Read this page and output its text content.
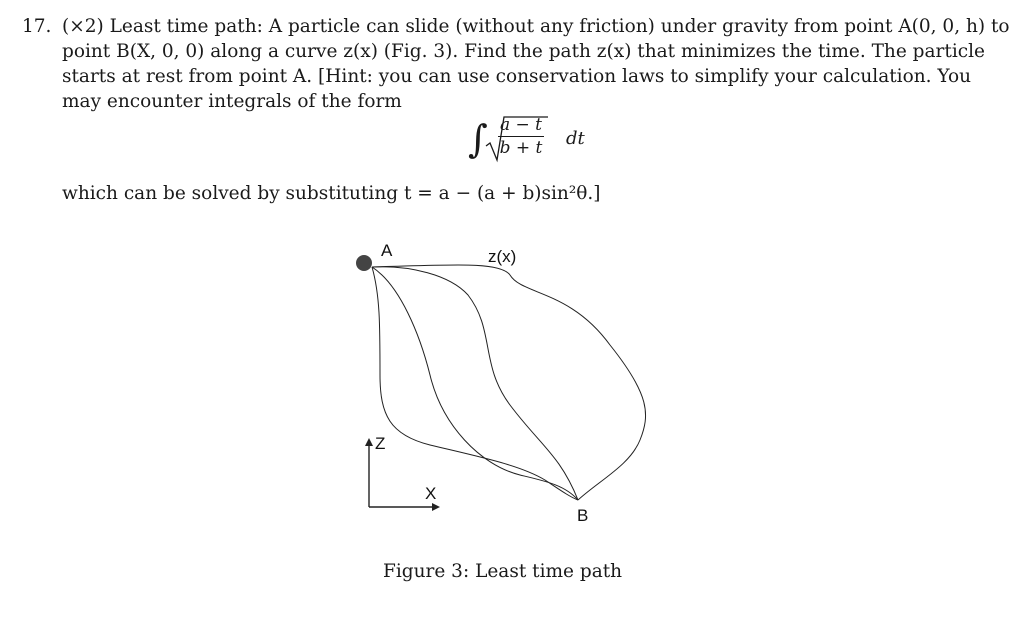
17. (×2) Least time path: A particle can slide (without any friction) under gravity from point A(0, 0, h) to
point B(X, 0, 0) along a curve z(x) (Fig. 3). Find the path z(x) that minimizes the time. The particle
starts at rest from point A. [Hint: you can use conservation laws to simplify your calculation. You
may encounter integrals of the form
∫ $\frac{a - t}{b + t}$ dt
which can be solved by substituting t = a − (a + b)sin²θ.]
A	z(x)
Z
X
B
Figure 3: Least time path
